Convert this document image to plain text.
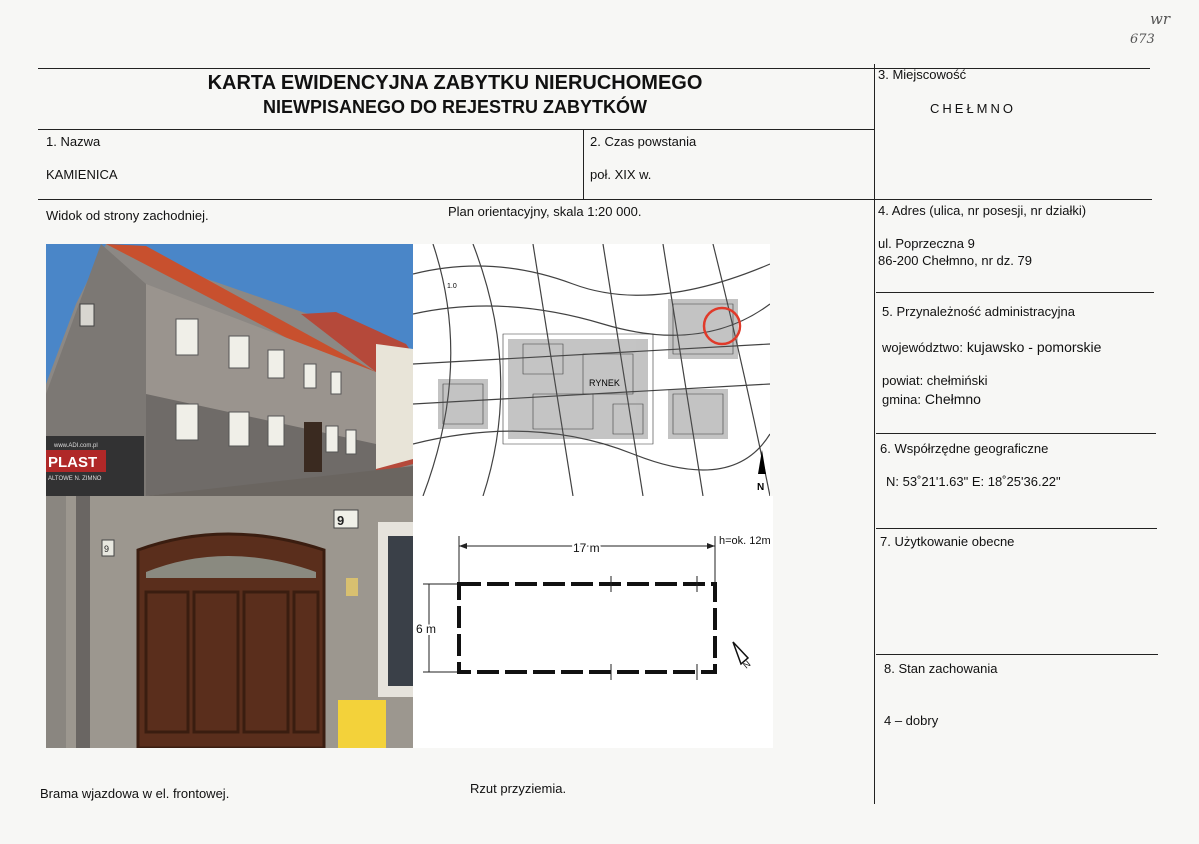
wr
673
KARTA EWIDENCYJNA ZABYTKU NIERUCHOMEGO
NIEWPISANEGO DO REJESTRU ZABYTKÓW
1. Nazwa
KAMIENICA
2. Czas powstania
poł. XIX w.
3. Miejscowość
CHEŁMNO
4. Adres (ulica, nr posesji, nr działki)
ul. Poprzeczna 9
86-200 Chełmno, nr dz. 79
5. Przynależność administracyjna
województwo: kujawsko - pomorskie
powiat: chełmiński
gmina: Chełmno
6. Współrzędne geograficzne
N: 53˚21'1.63" E: 18˚25'36.22"
7. Użytkowanie obecne
8. Stan zachowania
4 – dobry
Widok od strony zachodniej.	Plan orientacyjny, skala 1:20 000.
PLAST
www.ADI.com.pl
ALTOWE N. ZIMNO
RYNEK
1.0
N
9
9	17 m	h=ok. 12m
6 m
N
Brama wjazdowa w el. frontowej.	Rzut przyziemia.
